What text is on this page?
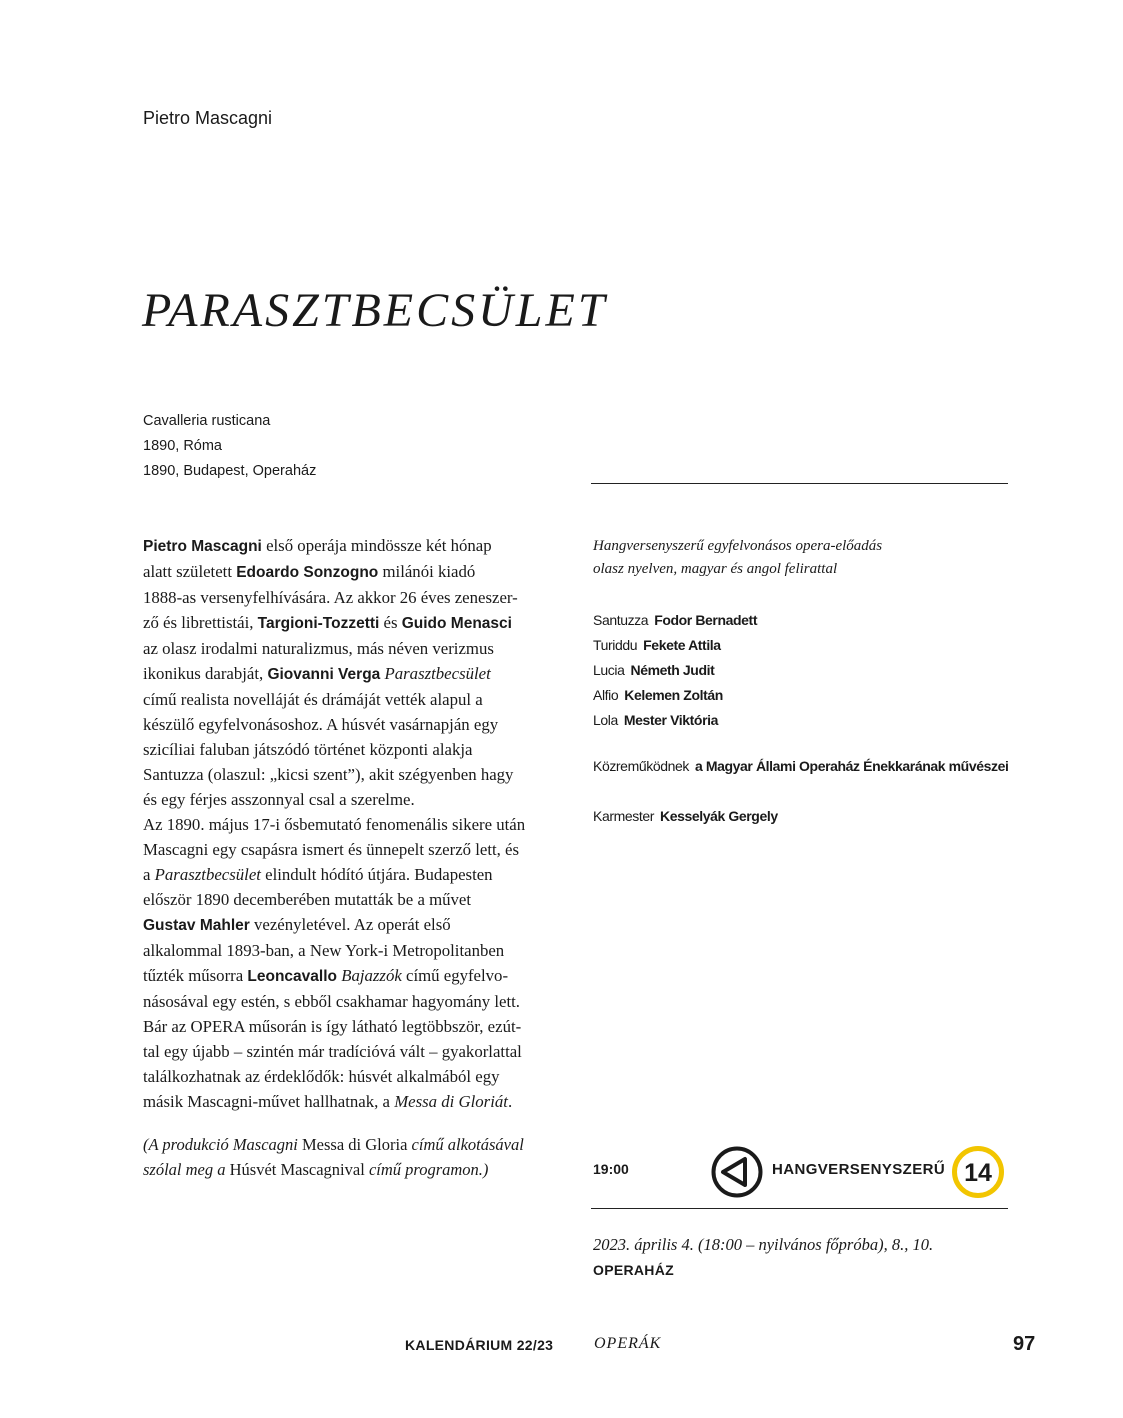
Pietro Mascagni
PARASZTBECSÜLET
Cavalleria rusticana
1890, Róma
1890, Budapest, Operaház
Pietro Mascagni első operája mindössze két hónap
alatt született Edoardo Sonzogno milánói kiadó
1888-as versenyfelhívására. Az akkor 26 éves zeneszer-
ző és librettistái, Targioni-Tozzetti és Guido Menasci
az olasz irodalmi naturalizmus, más néven verizmus
ikonikus darabját, Giovanni Verga Parasztbecsület
című realista novelláját és drámáját vették alapul a
készülő egyfelvonásoshoz. A húsvét vasárnapján egy
szicíliai faluban játszódó történet központi alakja
Santuzza (olaszul: „kicsi szent”), akit szégyenben hagy
és egy férjes asszonnyal csal a szerelme.
Az 1890. május 17-i ősbemutató fenomenális sikere után
Mascagni egy csapásra ismert és ünnepelt szerző lett, és
a Parasztbecsület elindult hódító útjára. Budapesten
először 1890 decemberében mutatták be a művet
Gustav Mahler vezényletével. Az operát első
alkalommal 1893-ban, a New York-i Metropolitanben
tűzték műsorra Leoncavallo Bajazzók című egyfelvo-
násosával egy estén, s ebből csakhamar hagyomány lett.
Bár az OPERA műsorán is így látható legtöbbször, ezút-
tal egy újabb – szintén már tradícióvá vált – gyakorlattal
találkozhatnak az érdeklődők: húsvét alkalmából egy
másik Mascagni-művet hallhatnak, a Messa di Gloriát.
(A produkció Mascagni Messa di Gloria című alkotásával
szólal meg a Húsvét Mascagnival című programon.)
Hangversenyszerű egyfelvonásos opera-előadás
olasz nyelven, magyar és angol felirattal
Santuzza Fodor Bernadett
Turiddu Fekete Attila
Lucia Németh Judit
Alfio Kelemen Zoltán
Lola Mester Viktória
Közreműködnek a Magyar Állami Operaház Énekkarának művészei
Karmester Kesselyák Gergely
19:00	HANGVERSENYSZERŰ 14
2023. április 4. (18:00 – nyilvános főpróba), 8., 10.
OPERAHÁZ
KALENDÁRIUM 22/23	OPERÁK	97
